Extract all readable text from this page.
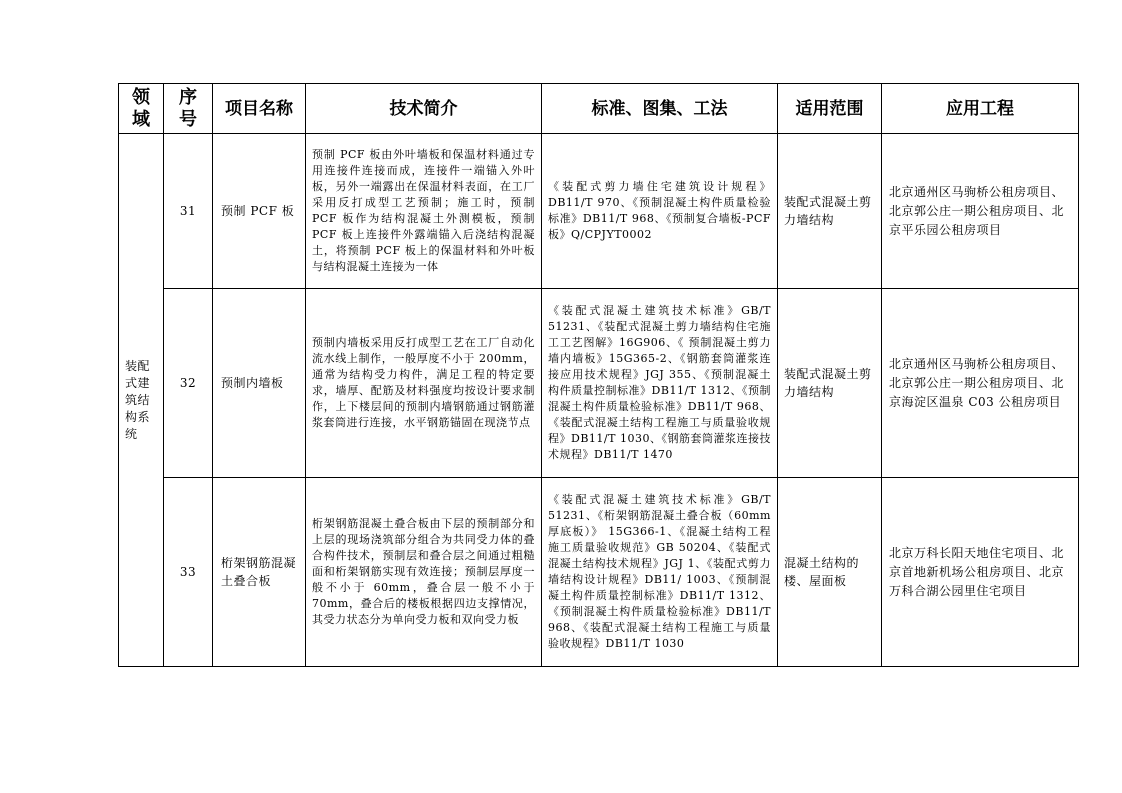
领域	序号	项目名称	技术简介	标准、图集、工法	适用范围	应用工程

装配式建筑结构系统	31	预制 PCF 板	预制 PCF 板由外叶墙板和保温材料通过专用连接件连接而成，连接件一端锚入外叶板，另外一端露出在保温材料表面，在工厂采用反打成型工艺预制；施工时，预制 PCF 板作为结构混凝土外测模板，预制 PCF 板上连接件外露端锚入后浇结构混凝土，将预制 PCF 板上的保温材料和外叶板与结构混凝土连接为一体	《装配式剪力墙住宅建筑设计规程》DB11/T 970、《预制混凝土构件质量检验标准》DB11/T 968、《预制复合墙板-PCF 板》Q/CPJYT0002	装配式混凝土剪力墙结构	北京通州区马驹桥公租房项目、北京郭公庄一期公租房项目、北京平乐园公租房项目
	32	预制内墙板	预制内墙板采用反打成型工艺在工厂自动化流水线上制作，一般厚度不小于 200mm，通常为结构受力构件，满足工程的特定要求，墙厚、配筋及材料强度均按设计要求制作，上下楼层间的预制内墙钢筋通过钢筋灌浆套筒进行连接，水平钢筋锚固在现浇节点	《装配式混凝土建筑技术标准》GB/T 51231、《装配式混凝土剪力墙结构住宅施工工艺图解》16G906、《 预制混凝土剪力墙内墙板》15G365-2、《钢筋套筒灌浆连接应用技术规程》JGJ 355、《预制混凝土构件质量控制标准》DB11/T 1312、《预制混凝土构件质量检验标准》DB11/T 968、《装配式混凝土结构工程施工与质量验收规程》DB11/T 1030、《钢筋套筒灌浆连接技术规程》DB11/T 1470	装配式混凝土剪力墙结构	北京通州区马驹桥公租房项目、北京郭公庄一期公租房项目、北京海淀区温泉 C03 公租房项目
	33	桁架钢筋混凝土叠合板	桁架钢筋混凝土叠合板由下层的预制部分和上层的现场浇筑部分组合为共同受力体的叠合构件技术，预制层和叠合层之间通过粗糙面和桁架钢筋实现有效连接；预制层厚度一般不小于 60mm，叠合层一般不小于 70mm，叠合后的楼板根据四边支撑情况，其受力状态分为单向受力板和双向受力板	《装配式混凝土建筑技术标准》GB/T 51231、《桁架钢筋混凝土叠合板（60mm 厚底板）》 15G366-1、《混凝土结构工程施工质量验收规范》GB 50204、《装配式混凝土结构技术规程》JGJ 1、《装配式剪力墙结构设计规程》DB11/ 1003、《预制混凝土构件质量控制标准》DB11/T 1312、《预制混凝土构件质量检验标准》DB11/T 968、《装配式混凝土结构工程施工与质量验收规程》DB11/T 1030	混凝土结构的楼、屋面板	北京万科长阳天地住宅项目、北京首地新机场公租房项目、北京万科合湖公园里住宅项目
